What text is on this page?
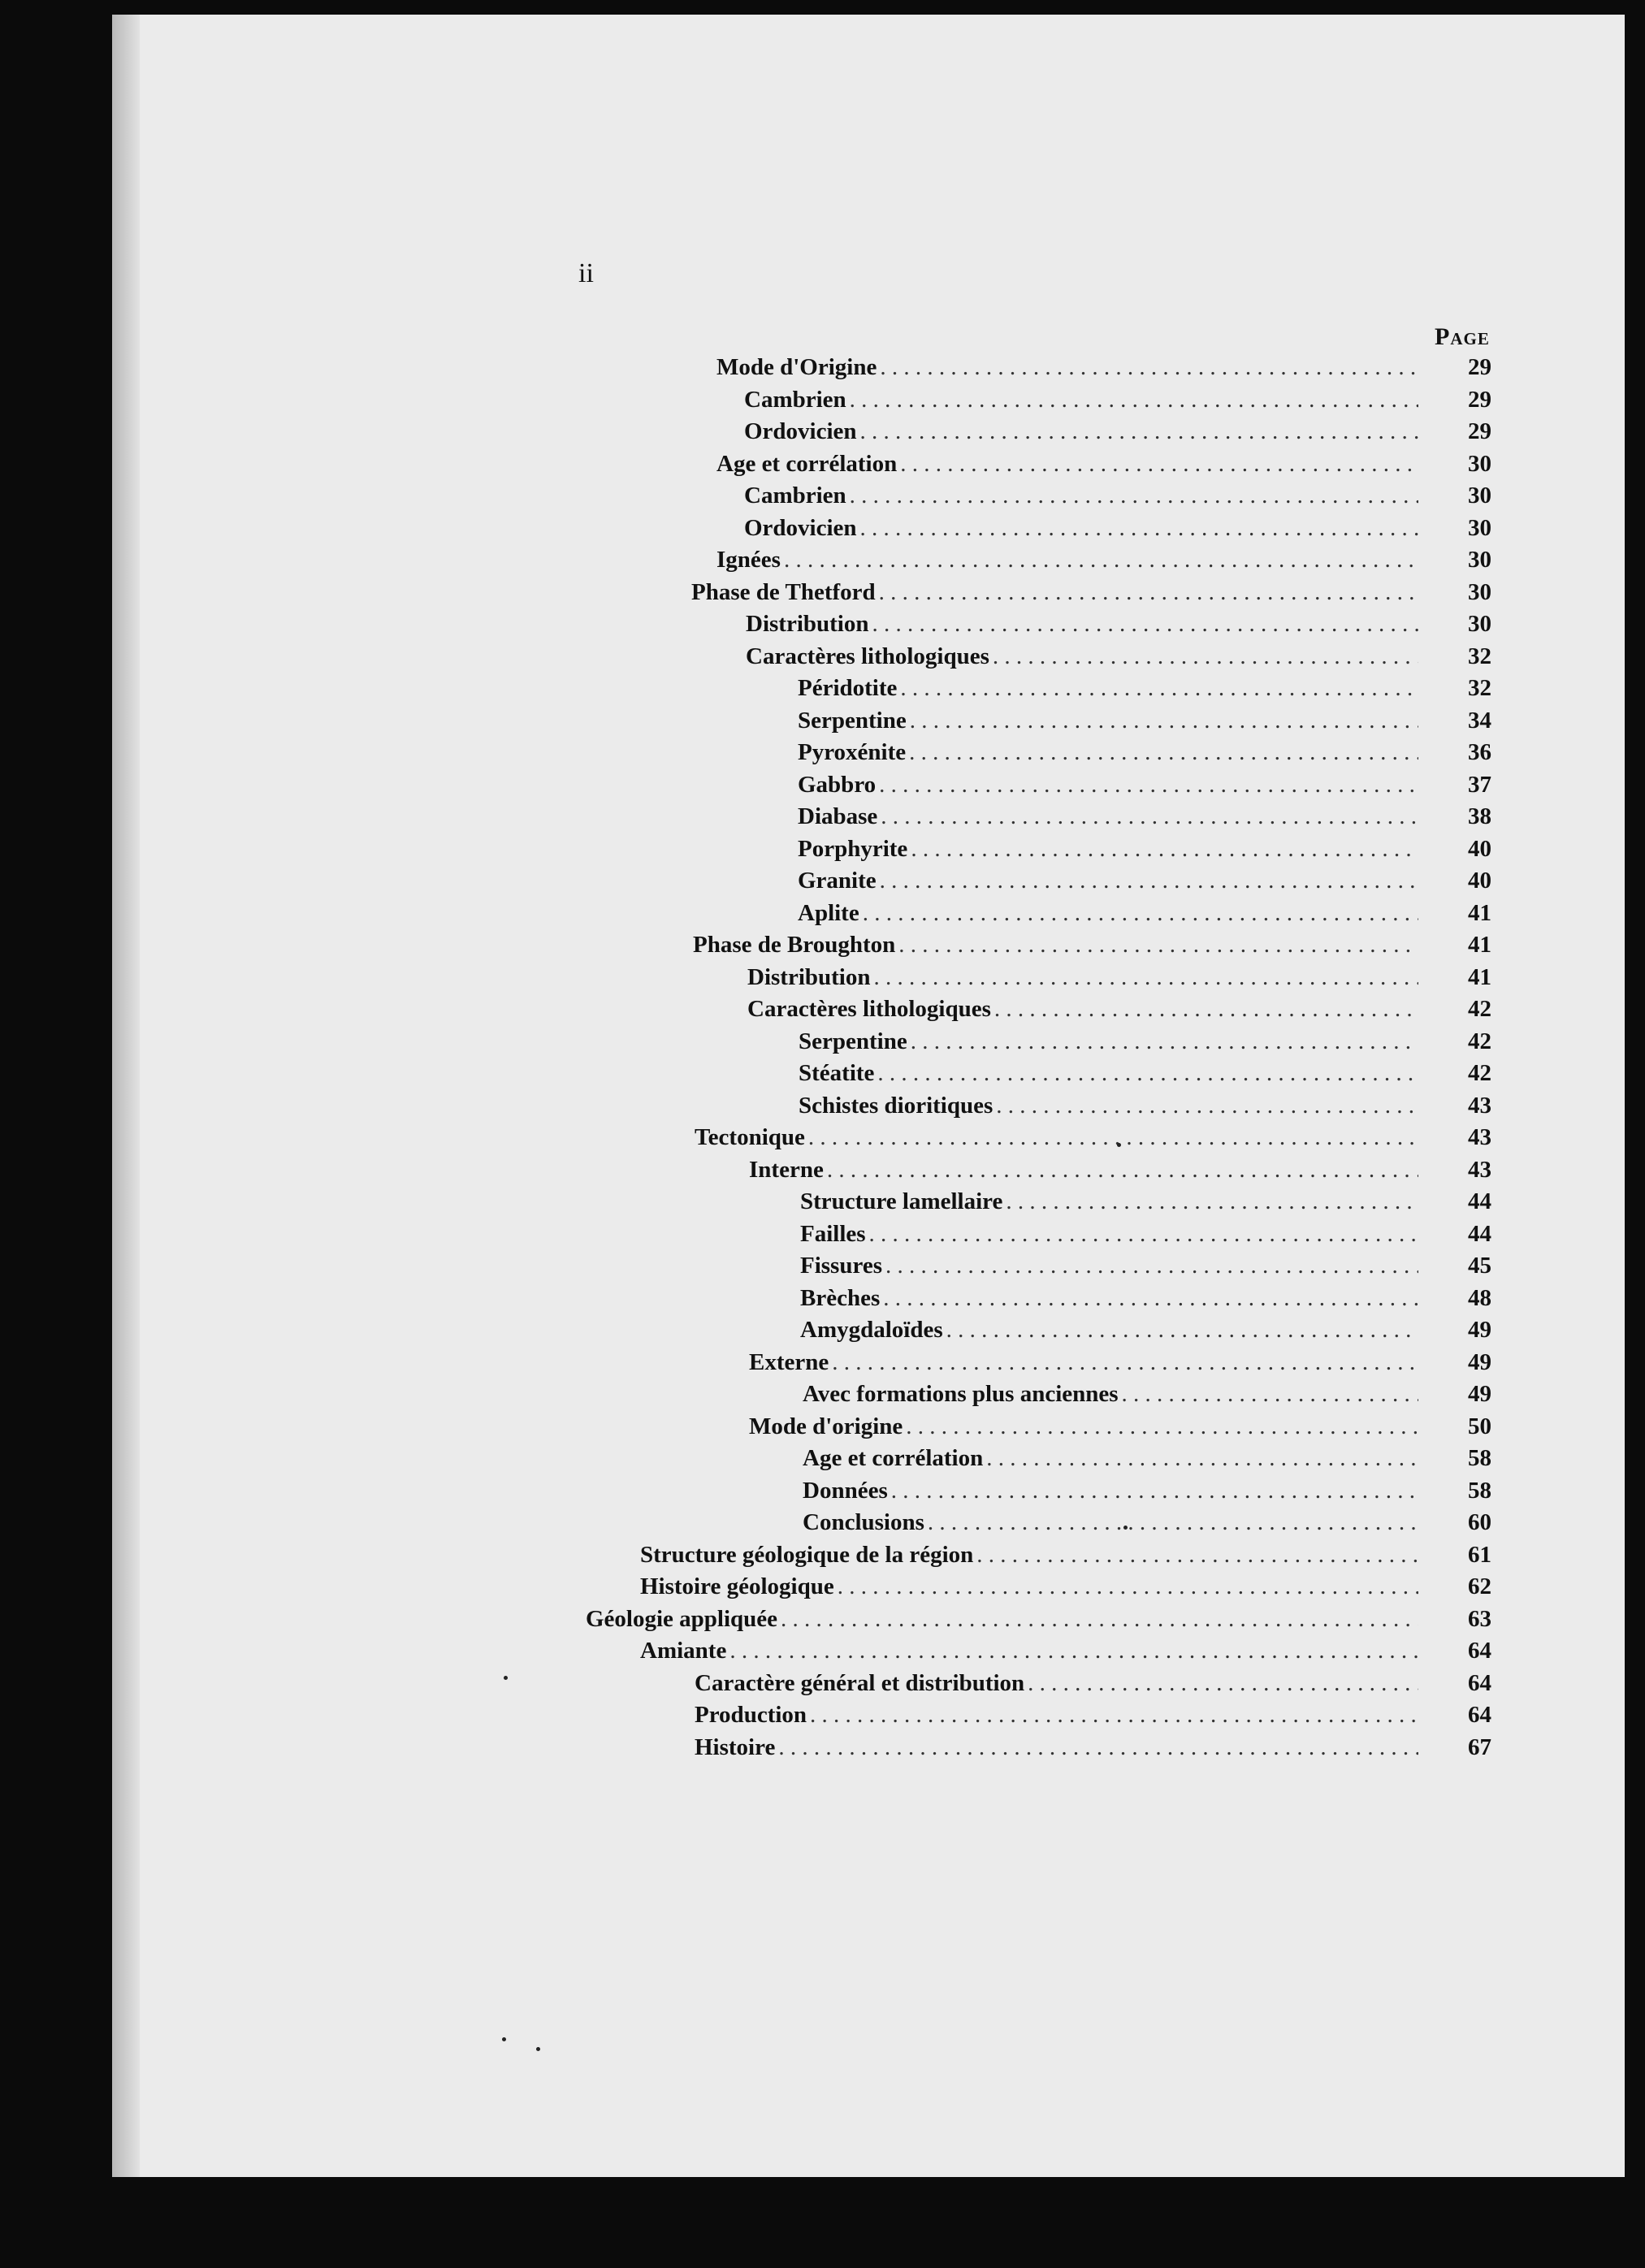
ii
Page
Mode d'Origine . . .	29
Cambrien . . .	29
Ordovicien . . .	29
Age et corrélation . . .	30
Cambrien . . .	30
Ordovicien . . .	30
Ignées . . .	30
Phase de Thetford . . .	30
Distribution . . .	30
Caractères lithologiques . . .	32
Péridotite . . .	32
Serpentine . . .	34
Pyroxénite . . .	36
Gabbro . . .	37
Diabase . . .	38
Porphyrite . . .	40
Granite . . .	40
Aplite . . .	41
Phase de Broughton . . .	41
Distribution . . .	41
Caractères lithologiques . . .	42
Serpentine . . .	42
Stéatite . . .	42
Schistes dioritiques . . .	43
Tectonique . . .	43
Interne . . .	43
Structure lamellaire . . .	44
Failles . . .	44
Fissures . . .	45
Brèches . . .	48
Amygdaloïdes . . .	49
Externe . . .	49
Avec formations plus anciennes . . .	49
Mode d'origine . . .	50
Age et corrélation . . .	58
Données . . .	58
Conclusions . . .	60
Structure géologique de la région . . .	61
Histoire géologique . . .	62
Géologie appliquée . . .	63
Amiante . . .	64
Caractère général et distribution . . .	64
Production . . .	64
Histoire . . .	67
